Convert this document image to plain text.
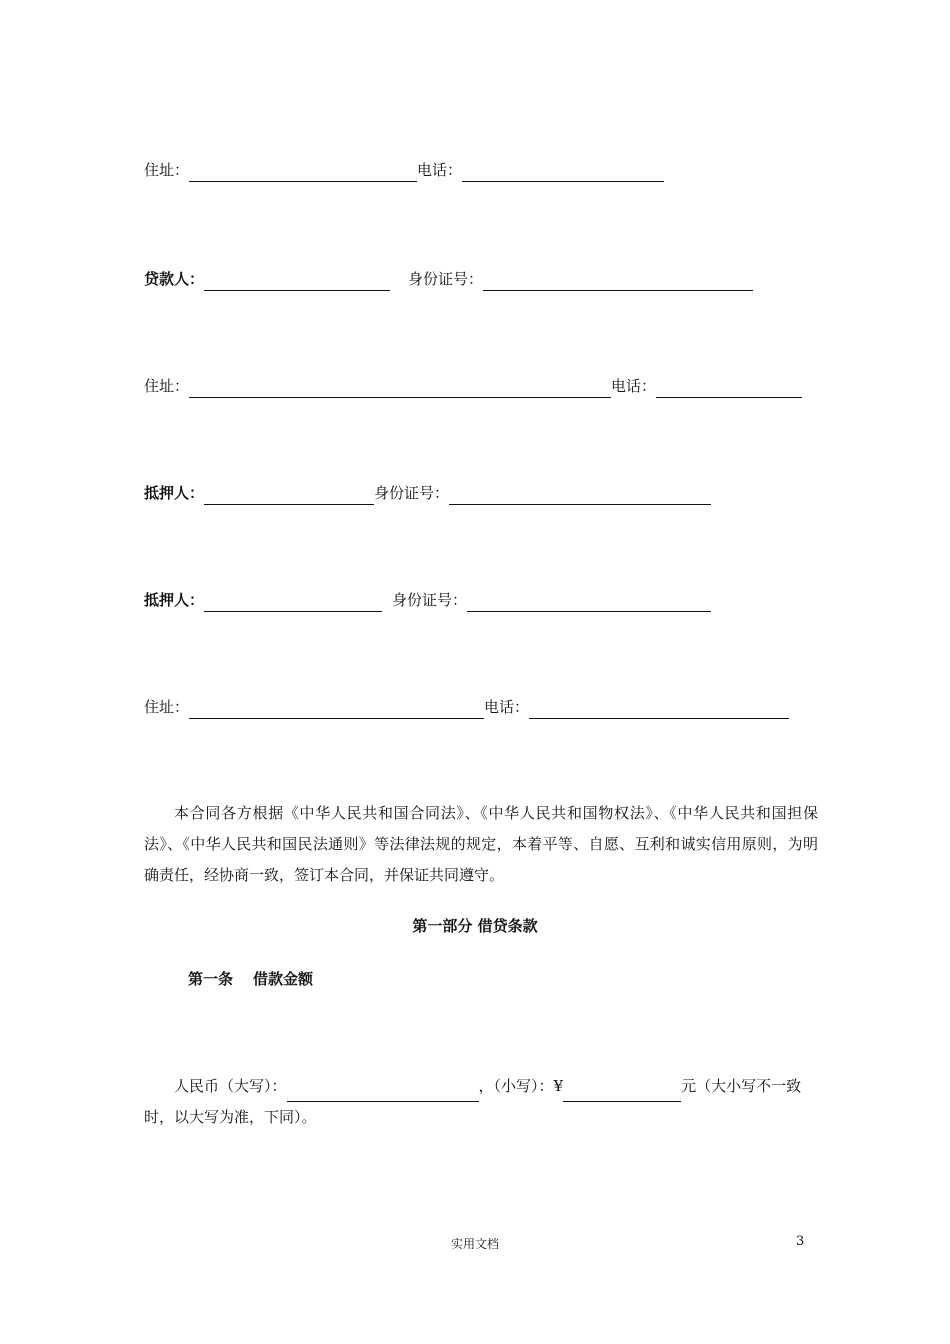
住址：	电话：
贷款人：	身份证号：
住址：	电话：
抵押人：	身份证号：
抵押人：	身份证号：
住址：	电话：
本合同各方根据《中华人民共和国合同法》、《中华人民共和国物权法》、《中华人民共和国担保法》、《中华人民共和国民法通则》等法律法规的规定，本着平等、自愿、互利和诚实信用原则，为明确责任，经协商一致，签订本合同，并保证共同遵守。
第一部分 借贷条款
第一条 借款金额
人民币（大写）：	，（小写）：¥	元（大小写不一致时，以大写为准，下同）。
实用文档	3
